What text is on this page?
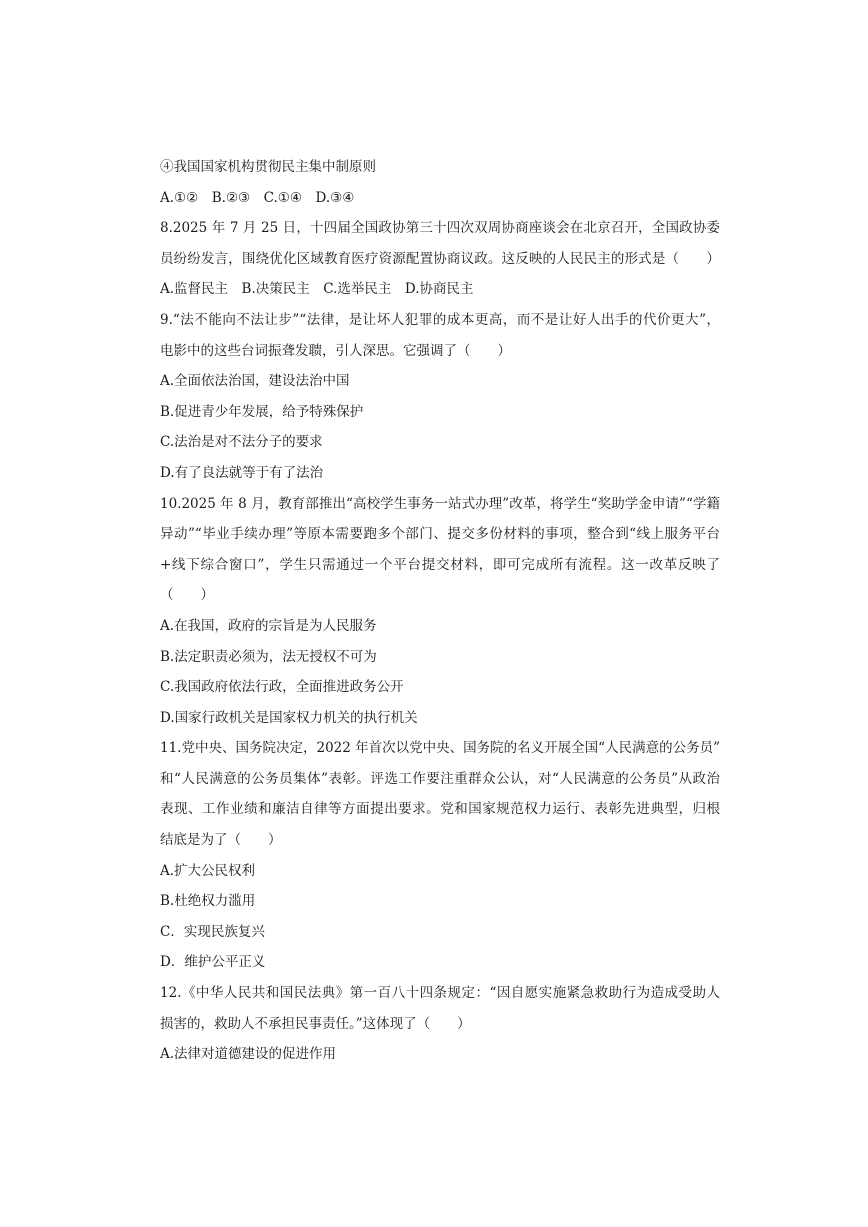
④我国国家机构贯彻民主集中制原则
A.①②　B.②③　C.①④　D.③④
8.2025 年 7 月 25 日，十四届全国政协第三十四次双周协商座谈会在北京召开，全国政协委
员纷纷发言，围绕优化区域教育医疗资源配置协商议政。这反映的人民民主的形式是（　　）
A.监督民主　B.决策民主　C.选举民主　D.协商民主
9.“法不能向不法让步”“法律，是让坏人犯罪的成本更高，而不是让好人出手的代价更大”，
电影中的这些台词振聋发聩，引人深思。它强调了（　　）
A.全面依法治国，建设法治中国
B.促进青少年发展，给予特殊保护
C.法治是对不法分子的要求
D.有了良法就等于有了法治
10.2025 年 8 月，教育部推出“高校学生事务一站式办理”改革，将学生“奖助学金申请”“学籍
异动”“毕业手续办理”等原本需要跑多个部门、提交多份材料的事项，整合到“线上服务平台
+线下综合窗口”，学生只需通过一个平台提交材料，即可完成所有流程。这一改革反映了
（　　）
A.在我国，政府的宗旨是为人民服务
B.法定职责必须为，法无授权不可为
C.我国政府依法行政，全面推进政务公开
D.国家行政机关是国家权力机关的执行机关
11.党中央、国务院决定，2022 年首次以党中央、国务院的名义开展全国“人民满意的公务员”
和“人民满意的公务员集体”表彰。评选工作要注重群众公认，对“人民满意的公务员”从政治
表现、工作业绩和廉洁自律等方面提出要求。党和国家规范权力运行、表彰先进典型，归根
结底是为了（　　）
A.扩大公民权利
B.杜绝权力滥用
C．实现民族复兴
D．维护公平正义
12.《中华人民共和国民法典》第一百八十四条规定：“因自愿实施紧急救助行为造成受助人
损害的，救助人不承担民事责任。”这体现了（　　）
A.法律对道德建设的促进作用
